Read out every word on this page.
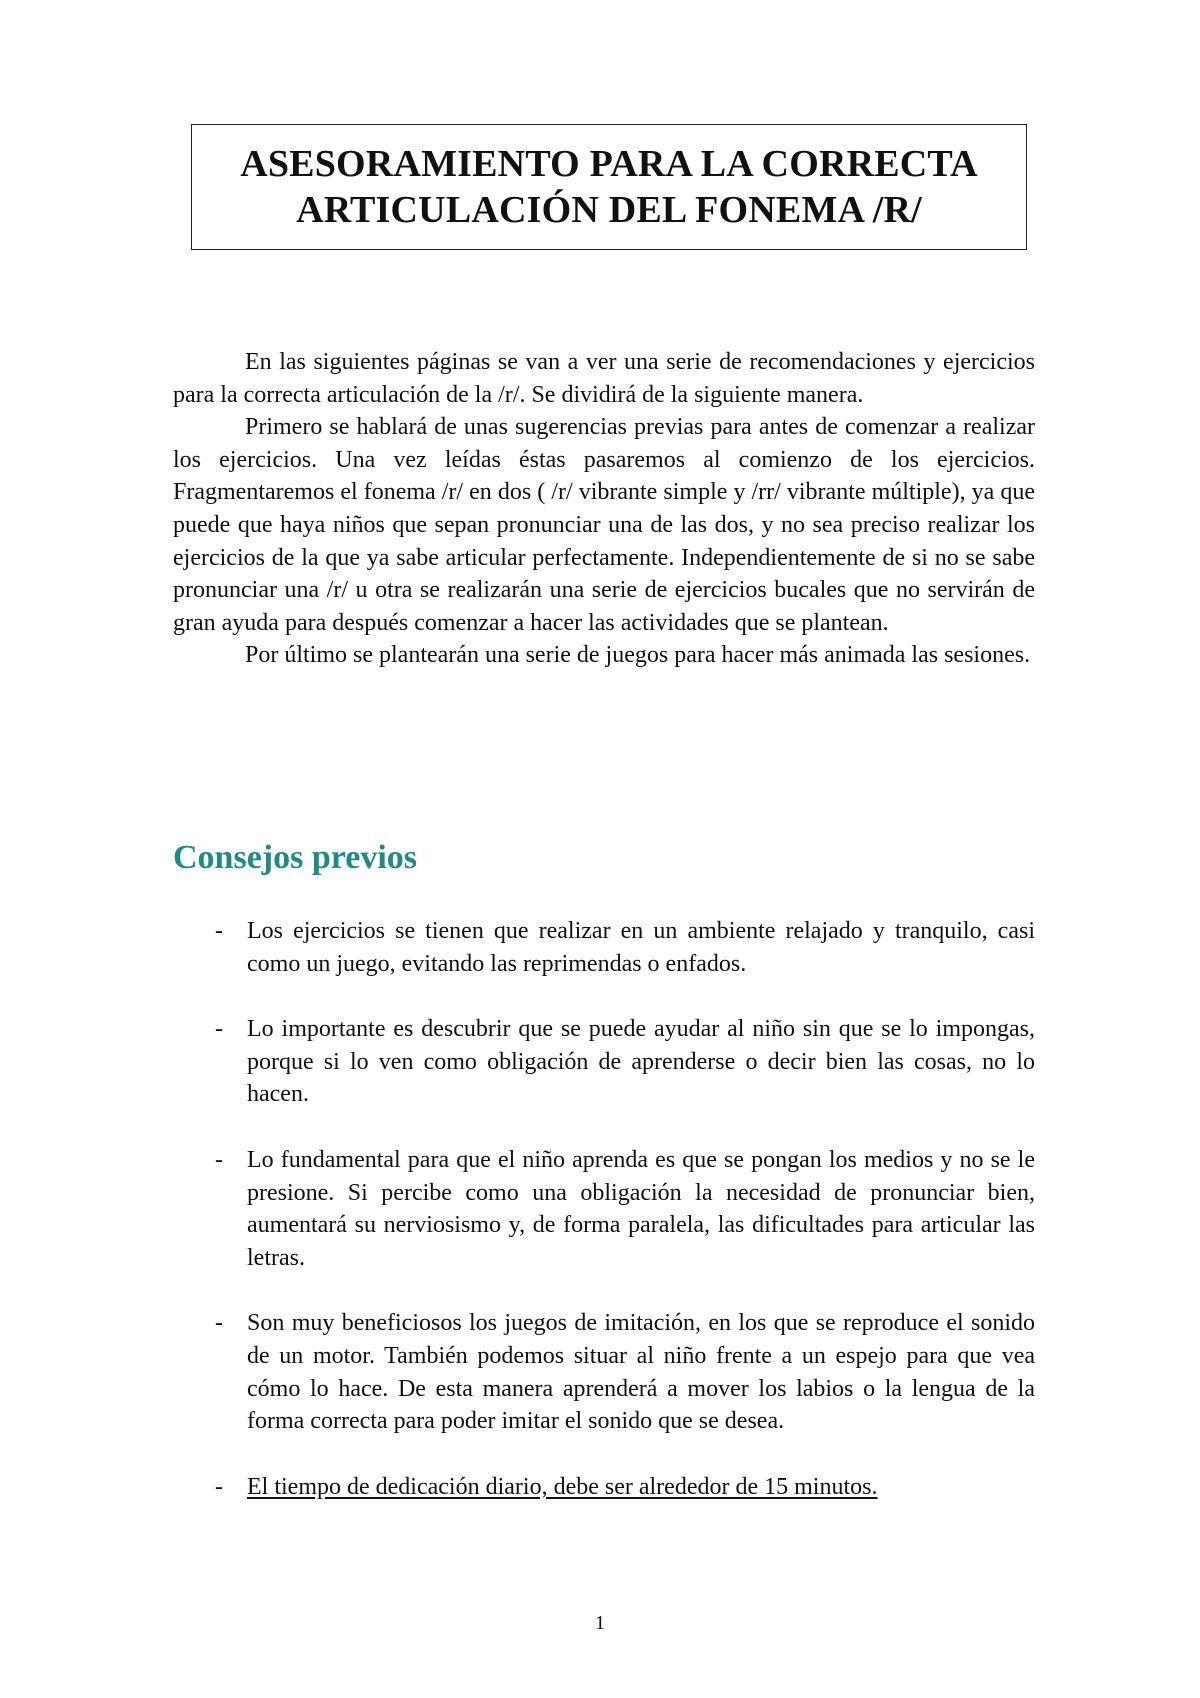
ASESORAMIENTO PARA LA CORRECTA
ARTICULACIÓN DEL FONEMA /R/

En las siguientes páginas se van a ver una serie de recomendaciones y ejercicios para la correcta articulación de la /r/. Se dividirá de la siguiente manera.

Primero se hablará de unas sugerencias previas para antes de comenzar a realizar los ejercicios. Una vez leídas éstas pasaremos al comienzo de los ejercicios. Fragmentaremos el fonema /r/ en dos ( /r/ vibrante simple y /rr/ vibrante múltiple), ya que puede que haya niños que sepan pronunciar una de las dos, y no sea preciso realizar los ejercicios de la que ya sabe articular perfectamente. Independientemente de si no se sabe pronunciar una /r/ u otra se realizarán una serie de ejercicios bucales que no servirán de gran ayuda para después comenzar a hacer las actividades que se plantean.

Por último se plantearán una serie de juegos para hacer más animada las sesiones.

Consejos previos
- Los ejercicios se tienen que realizar en un ambiente relajado y tranquilo, casi como un juego, evitando las reprimendas o enfados.
- Lo importante es descubrir que se puede ayudar al niño sin que se lo impongas, porque si lo ven como obligación de aprenderse o decir bien las cosas, no lo hacen.
- Lo fundamental para que el niño aprenda es que se pongan los medios y no se le presione. Si percibe como una obligación la necesidad de pronunciar bien, aumentará su nerviosismo y, de forma paralela, las dificultades para articular las letras.
- Son muy beneficiosos los juegos de imitación, en los que se reproduce el sonido de un motor. También podemos situar al niño frente a un espejo para que vea cómo lo hace. De esta manera aprenderá a mover los labios o la lengua de la forma correcta para poder imitar el sonido que se desea.
- El tiempo de dedicación diario, debe ser alrededor de 15 minutos.
1
